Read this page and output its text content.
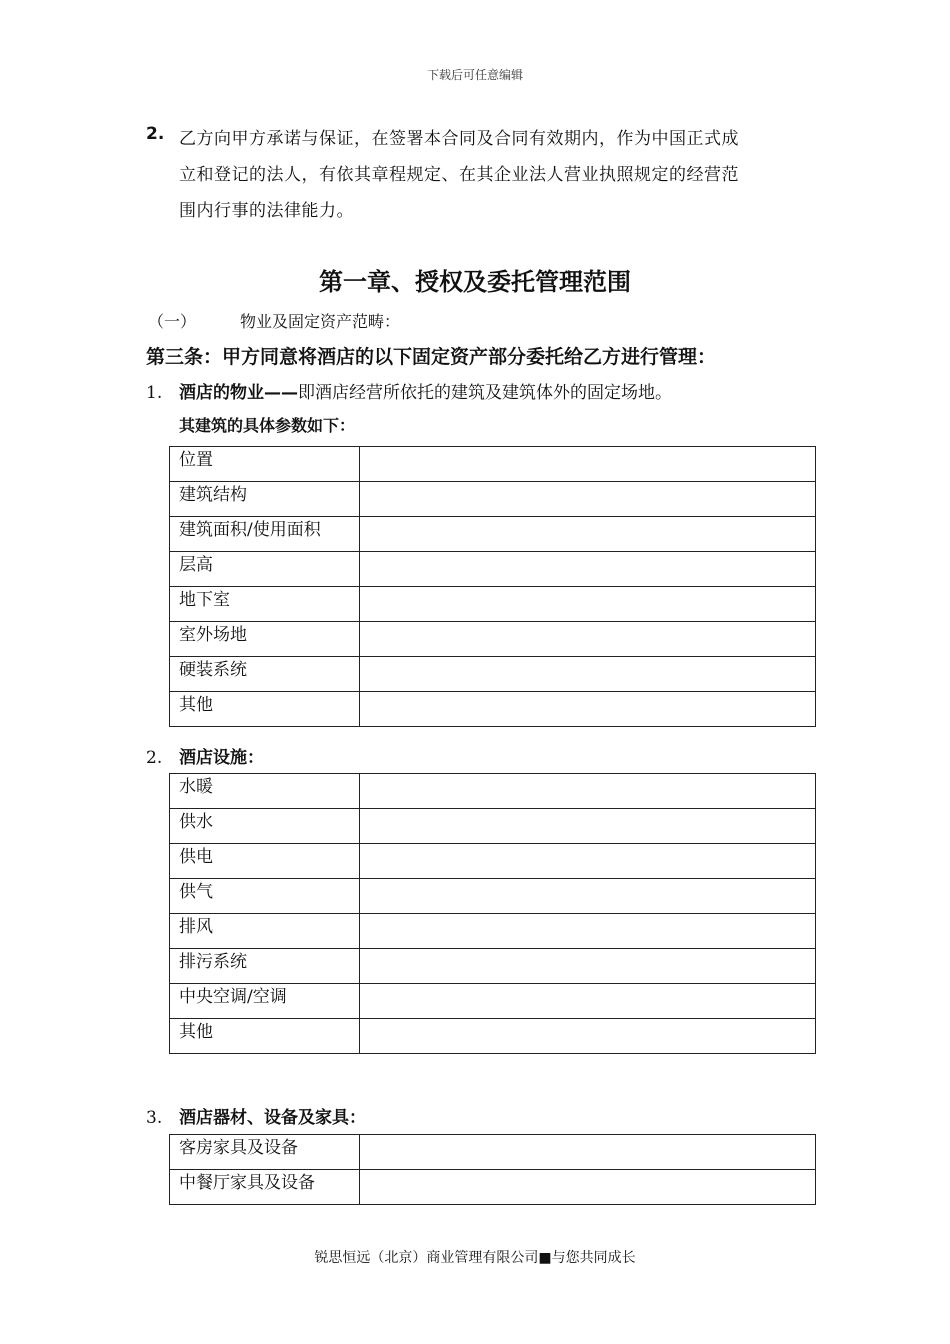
下载后可任意编辑
2. 乙方向甲方承诺与保证，在签署本合同及合同有效期内，作为中国正式成
立和登记的法人，有依其章程规定、在其企业法人营业执照规定的经营范
围内行事的法律能力。
第一章、授权及委托管理范围
（一）	物业及固定资产范畴：
第三条：甲方同意将酒店的以下固定资产部分委托给乙方进行管理：
1. 酒店的物业——即酒店经营所依托的建筑及建筑体外的固定场地。
其建筑的具体参数如下：
位置	
建筑结构	
建筑面积/使用面积	
层高	
地下室	
室外场地	
硬装系统	
其他	
2. 酒店设施：
水暖	
供水	
供电	
供气	
排风	
排污系统	
中央空调/空调	
其他	
3. 酒店器材、设备及家具：
客房家具及设备	
中餐厅家具及设备	
锐思恒远（北京）商业管理有限公司■与您共同成长
